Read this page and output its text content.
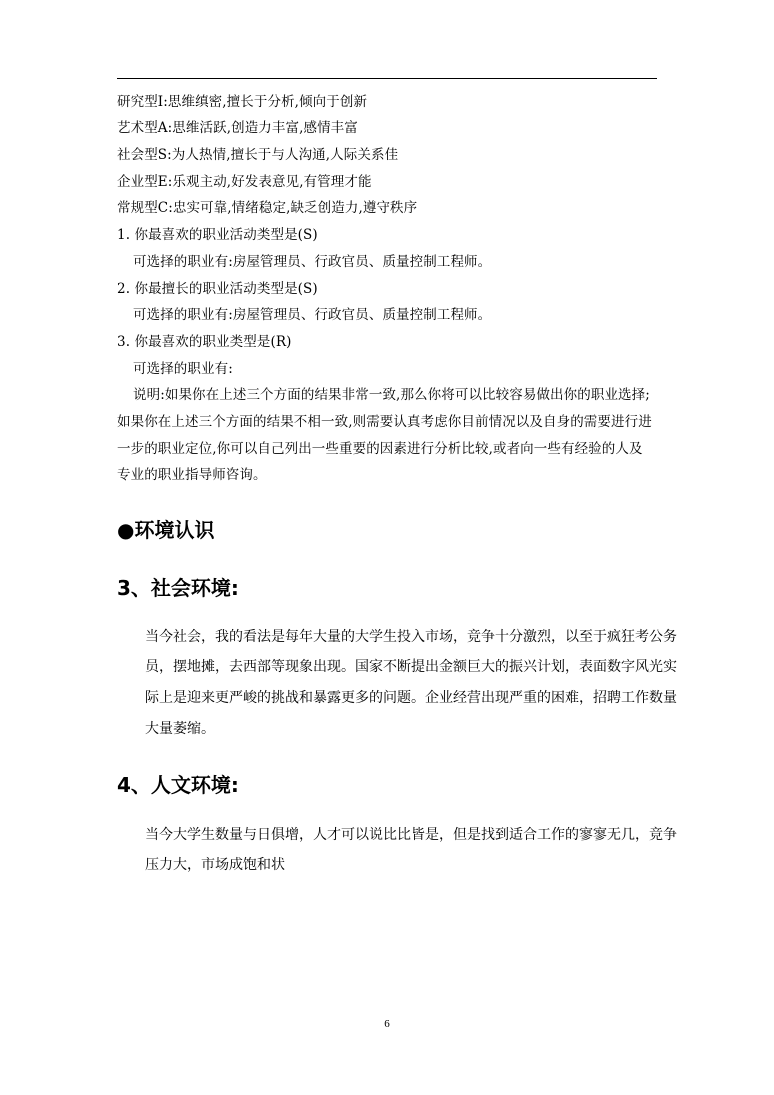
研究型I:思维缜密,擅长于分析,倾向于创新
艺术型A:思维活跃,创造力丰富,感情丰富
社会型S:为人热情,擅长于与人沟通,人际关系佳
企业型E:乐观主动,好发表意见,有管理才能
常规型C:忠实可靠,情绪稳定,缺乏创造力,遵守秩序
1. 你最喜欢的职业活动类型是(S)
可选择的职业有:房屋管理员、行政官员、质量控制工程师。
2. 你最擅长的职业活动类型是(S)
可选择的职业有:房屋管理员、行政官员、质量控制工程师。
3. 你最喜欢的职业类型是(R)
可选择的职业有:
说明:如果你在上述三个方面的结果非常一致,那么你将可以比较容易做出你的职业选择;
如果你在上述三个方面的结果不相一致,则需要认真考虑你目前情况以及自身的需要进行进
一步的职业定位,你可以自己列出一些重要的因素进行分析比较,或者向一些有经验的人及
专业的职业指导师咨询。
●环境认识
3、社会环境:
当今社会，我的看法是每年大量的大学生投入市场，竞争十分激烈，以至于疯狂考公务
员，摆地摊，去西部等现象出现。国家不断提出金额巨大的振兴计划，表面数字风光实
际上是迎来更严峻的挑战和暴露更多的问题。企业经营出现严重的困难，招聘工作数量
大量萎缩。
4、人文环境:
当今大学生数量与日俱增，人才可以说比比皆是，但是找到适合工作的寥寥无几，竞争
压力大，市场成饱和状
6
